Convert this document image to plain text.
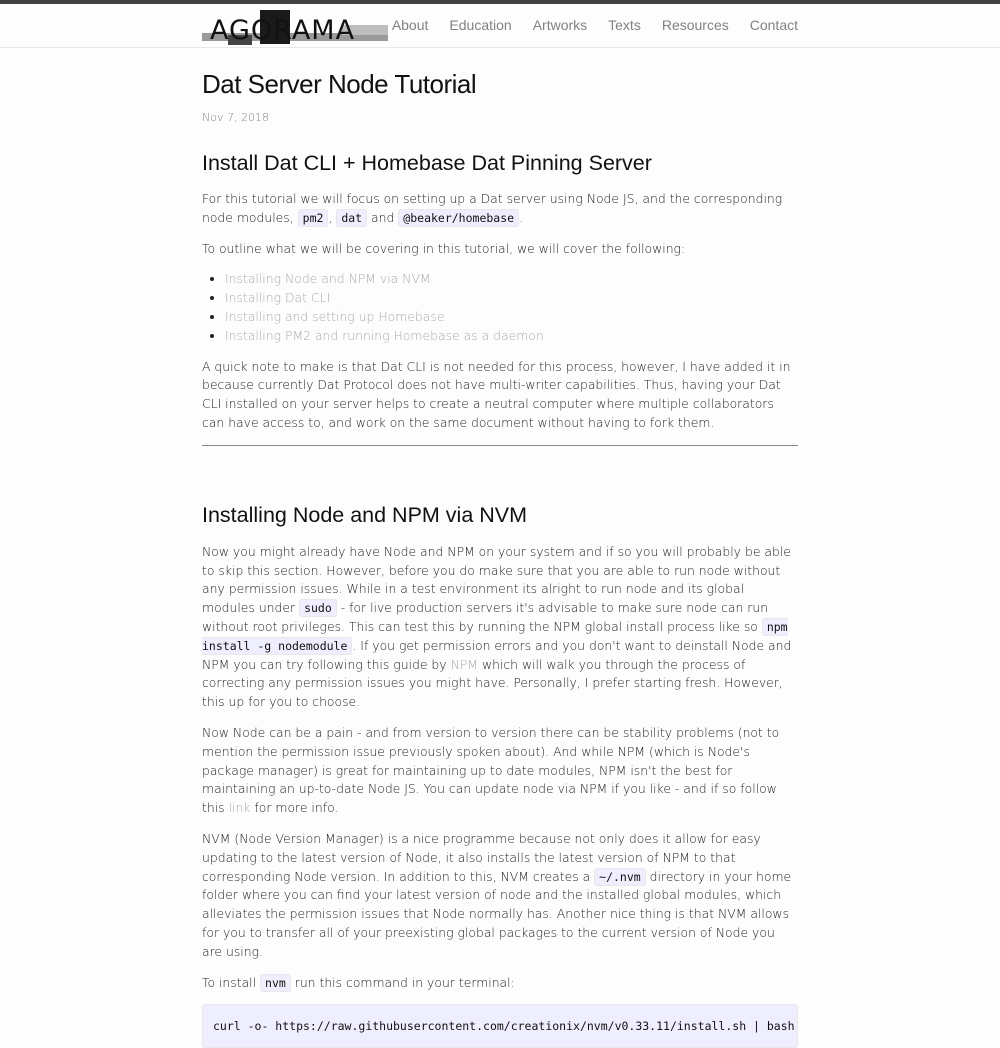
AGORAMA	About Education Artworks Texts Resources Contact
Dat Server Node Tutorial
Nov 7, 2018
Install Dat CLI + Homebase Dat Pinning Server

For this tutorial we will focus on setting up a Dat server using Node JS, and the corresponding node modules, pm2 , dat and @beaker/homebase .

To outline what we will be covering in this tutorial, we will cover the following:

• Installing Node and NPM via NVM
• Installing Dat CLI
• Installing and setting up Homebase
• Installing PM2 and running Homebase as a daemon

A quick note to make is that Dat CLI is not needed for this process, however, I have added it in because currently Dat Protocol does not have multi-writer capabilities. Thus, having your Dat CLI installed on your server helps to create a neutral computer where multiple collaborators can have access to, and work on the same document without having to fork them.

Installing Node and NPM via NVM

Now you might already have Node and NPM on your system and if so you will probably be able to skip this section. However, before you do make sure that you are able to run node without any permission issues. While in a test environment its alright to run node and its global modules under sudo - for live production servers it's advisable to make sure node can run without root privileges. This can test this by running the NPM global install process like so npm install -g nodemodule . If you get permission errors and you don't want to deinstall Node and NPM you can try following this guide by NPM which will walk you through the process of correcting any permission issues you might have. Personally, I prefer starting fresh. However, this up for you to choose.

Now Node can be a pain - and from version to version there can be stability problems (not to mention the permission issue previously spoken about). And while NPM (which is Node's package manager) is great for maintaining up to date modules, NPM isn't the best for maintaining an up-to-date Node JS. You can update node via NPM if you like - and if so follow this link for more info.

NVM (Node Version Manager) is a nice programme because not only does it allow for easy updating to the latest version of Node, it also installs the latest version of NPM to that corresponding Node version. In addition to this, NVM creates a ~/.nvm directory in your home folder where you can find your latest version of node and the installed global modules, which alleviates the permission issues that Node normally has. Another nice thing is that NVM allows for you to transfer all of your preexisting global packages to the current version of Node you are using.

To install nvm run this command in your terminal:

curl -o- https://raw.githubusercontent.com/creationix/nvm/v0.33.11/install.sh | bash
